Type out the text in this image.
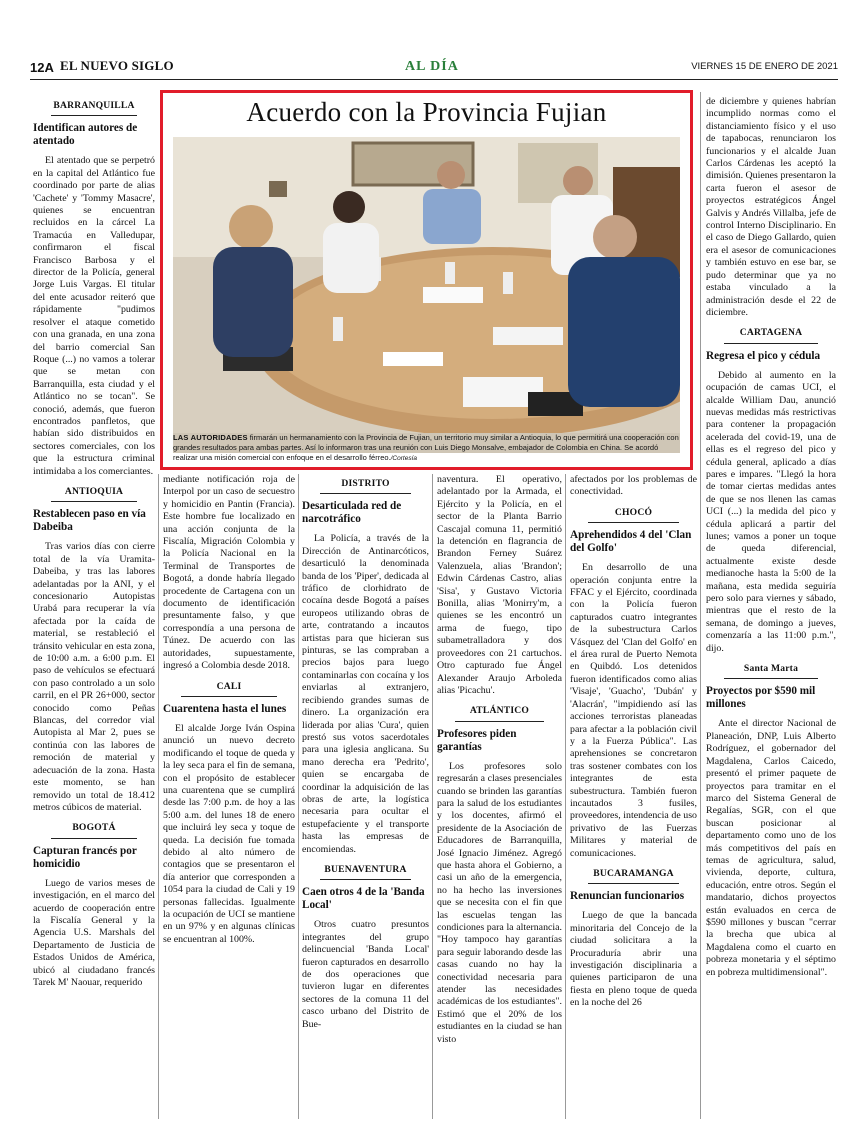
12A EL NUEVO SIGLO	AL DÍA	VIERNES 15 DE ENERO DE 2021
BARRANQUILLA
Identifican autores de atentado

El atentado que se perpetró en la capital del Atlántico fue coordinado por parte de alias 'Cachete' y 'Tommy Masacre', quienes se encuentran recluidos en la cárcel La Tramacúa en Valledupar, confirmaron el fiscal Francisco Barbosa y el director de la Policía, general Jorge Luis Vargas. El titular del ente acusador reiteró que rápidamente "pudimos resolver el ataque cometido con una granada, en una zona del barrio comercial San Roque (...) no vamos a tolerar que se metan con Barranquilla, esta ciudad y el Atlántico no se tocan". Se conoció, además, que fueron encontrados panfletos, que habían sido distribuidos en sectores comerciales, con los que la estructura criminal intimidaba a los comerciantes.

ANTIOQUIA
Restablecen paso en vía Dabeiba

Tras varios días con cierre total de la vía Uramita-Dabeiba, y tras las labores adelantadas por la ANI, y el concesionario Autopistas Urabá para recuperar la vía afectada por la caída de material, se restableció el tránsito vehicular en esta zona, de 10:00 a.m. a 6:00 p.m. El paso de vehículos se efectuará con paso controlado a un solo carril, en el PR 26+000, sector conocido como Peñas Blancas, del corredor vial Autopista al Mar 2, pues se continúa con las labores de remoción de material y adecuación de la zona. Hasta este momento, se han removido un total de 18.412 metros cúbicos de material.

BOGOTÁ
Capturan francés por homicidio

Luego de varios meses de investigación, en el marco del acuerdo de cooperación entre la Fiscalía General y la Agencia U.S. Marshals del Departamento de Justicia de Estados Unidos de América, ubicó al ciudadano francés Tarek M' Naouar, requerido

mediante notificación roja de Interpol por un caso de secuestro y homicidio en Pantin (Francia). Este hombre fue localizado en una acción conjunta de la Fiscalía, Migración Colombia y la Policía Nacional en la Terminal de Transportes de Bogotá, a donde habría llegado procedente de Cartagena con un documento de identificación presuntamente falso, y que correspondía a una persona de Túnez. De acuerdo con las autoridades, supuestamente, ingresó a Colombia desde 2018.

CALI
Cuarentena hasta el lunes

El alcalde Jorge Iván Ospina anunció un nuevo decreto modificando el toque de queda y la ley seca para el fin de semana, con el propósito de establecer una cuarentena que se cumplirá desde las 7:00 p.m. de hoy a las 5:00 a.m. del lunes 18 de enero que incluirá ley seca y toque de queda. La decisión fue tomada debido al alto número de contagios que se presentaron el día anterior que corresponden a 1054 para la ciudad de Cali y 19 personas fallecidas. Igualmente la ocupación de UCI se mantiene en un 97% y en algunas clínicas se encuentran al 100%.

DISTRITO
Desarticulada red de narcotráfico

La Policía, a través de la Dirección de Antinarcóticos, desarticuló la denominada banda de los 'Piper', dedicada al tráfico de clorhidrato de cocaína desde Bogotá a países europeos utilizando obras de arte, contratando a incautos artistas para que hicieran sus pinturas, se las compraban a precios bajos para luego contaminarlas con cocaína y los enviarlas al extranjero, recibiendo grandes sumas de dinero. La organización era liderada por alias 'Cura', quien prestó sus votos sacerdotales para una iglesia anglicana. Su mano derecha era 'Pedrito', quien se encargaba de coordinar la adquisición de las obras de arte, la logística necesaria para ocultar el estupefaciente y el transporte hasta las empresas de encomiendas.

BUENAVENTURA
Caen otros 4 de la 'Banda Local'

Otros cuatro presuntos integrantes del grupo delincuencial 'Banda Local' fueron capturados en desarrollo de dos operaciones que tuvieron lugar en diferentes sectores de la comuna 11 del casco urbano del Distrito de Bue-

naventura. El operativo, adelantado por la Armada, el Ejército y la Policía, en el sector de la Planta Barrio Cascajal comuna 11, permitió la detención en flagrancia de Brandon Ferney Suárez Valenzuela, alias 'Brandon'; Edwin Cárdenas Castro, alias 'Sisa', y Gustavo Victoria Bonilla, alias 'Monirry'm, a quienes se les encontró un arma de fuego, tipo subametralladora y dos proveedores con 21 cartuchos. Otro capturado fue Ángel Alexander Araujo Arboleda alias 'Picachu'.

ATLÁNTICO
Profesores piden garantías

Los profesores solo regresarán a clases presenciales cuando se brinden las garantías para la salud de los estudiantes y los docentes, afirmó el presidente de la Asociación de Educadores de Barranquilla, José Ignacio Jiménez. Agregó que hasta ahora el Gobierno, a casi un año de la emergencia, no ha hecho las inversiones que se necesita con el fin que las escuelas tengan las condiciones para la alternancia. "Hoy tampoco hay garantías para seguir laborando desde las casas cuando no hay la conectividad necesaria para atender las necesidades académicas de los estudiantes". Estimó que el 20% de los estudiantes en la ciudad se han visto

afectados por los problemas de conectividad.

CHOCÓ
Aprehendidos 4 del 'Clan del Golfo'

En desarrollo de una operación conjunta entre la FFAC y el Ejército, coordinada con la Policía fueron capturados cuatro integrantes de la subestructura Carlos Vásquez del 'Clan del Golfo' en el área rural de Puerto Nemota en Quibdó. Los detenidos fueron identificados como alias 'Visaje', 'Guacho', 'Dubán' y 'Alacrán', "impidiendo así las acciones terroristas planeadas para afectar a la población civil y a la Fuerza Pública". Las aprehensiones se concretaron tras sostener combates con los integrantes de esta subestructura. También fueron incautados 3 fusiles, proveedores, intendencia de uso privativo de las Fuerzas Militares y material de comunicaciones.

BUCARAMANGA
Renuncian funcionarios

Luego de que la bancada minoritaria del Concejo de la ciudad solicitara a la Procuraduría abrir una investigación disciplinaria a quienes participaron de una fiesta en pleno toque de queda en la noche del 26

de diciembre y quienes habrían incumplido normas como el distanciamiento físico y el uso de tapabocas, renunciaron los funcionarios y el alcalde Juan Carlos Cárdenas les aceptó la dimisión. Quienes presentaron la carta fueron el asesor de proyectos estratégicos Ángel Galvis y Andrés Villalba, jefe de control Interno Disciplinario. En el caso de Diego Gallardo, quien era el asesor de comunicaciones y también estuvo en ese bar, se pudo determinar que ya no estaba vinculado a la administración desde el 22 de diciembre.

CARTAGENA
Regresa el pico y cédula

Debido al aumento en la ocupación de camas UCI, el alcalde William Dau, anunció nuevas medidas más restrictivas para contener la propagación acelerada del covid-19, una de ellas es el regreso del pico y cédula general, aplicado a días pares e impares. "Llegó la hora de tomar ciertas medidas antes de que se nos llenen las camas UCI (...) la medida del pico y cédula aplicará a partir del lunes; vamos a poner un toque de queda diferencial, actualmente existe desde medianoche hasta la 5:00 de la mañana, esta medida seguiría pero solo para viernes y sábado, mientras que el resto de la semana, de domingo a jueves, comenzaría a las 11:00 p.m.", dijo.

Santa Marta
Proyectos por $590 mil millones

Ante el director Nacional de Planeación, DNP, Luis Alberto Rodríguez, el gobernador del Magdalena, Carlos Caicedo, presentó el primer paquete de proyectos para tramitar en el marco del Sistema General de Regalías, SGR, con el que buscan posicionar al departamento como uno de los más competitivos del país en temas de agricultura, salud, vivienda, deporte, cultura, educación, entre otros. Según el mandatario, dichos proyectos están evaluados en cerca de $590 millones y buscan "cerrar la brecha que ubica al Magdalena como el cuarto en pobreza monetaria y el séptimo en pobreza multidimensional".

Acuerdo con la Provincia Fujian
LAS AUTORIDADES firmarán un hermanamiento con la Provincia de Fujian, un territorio muy similar a Antioquia, lo que permitirá una cooperación con grandes resultados para ambas partes. Así lo informaron tras una reunión con Luis Diego Monsalve, embajador de Colombia en China. Se acordó realizar una misión comercial con enfoque en el desarrollo férreo./Cortesía
